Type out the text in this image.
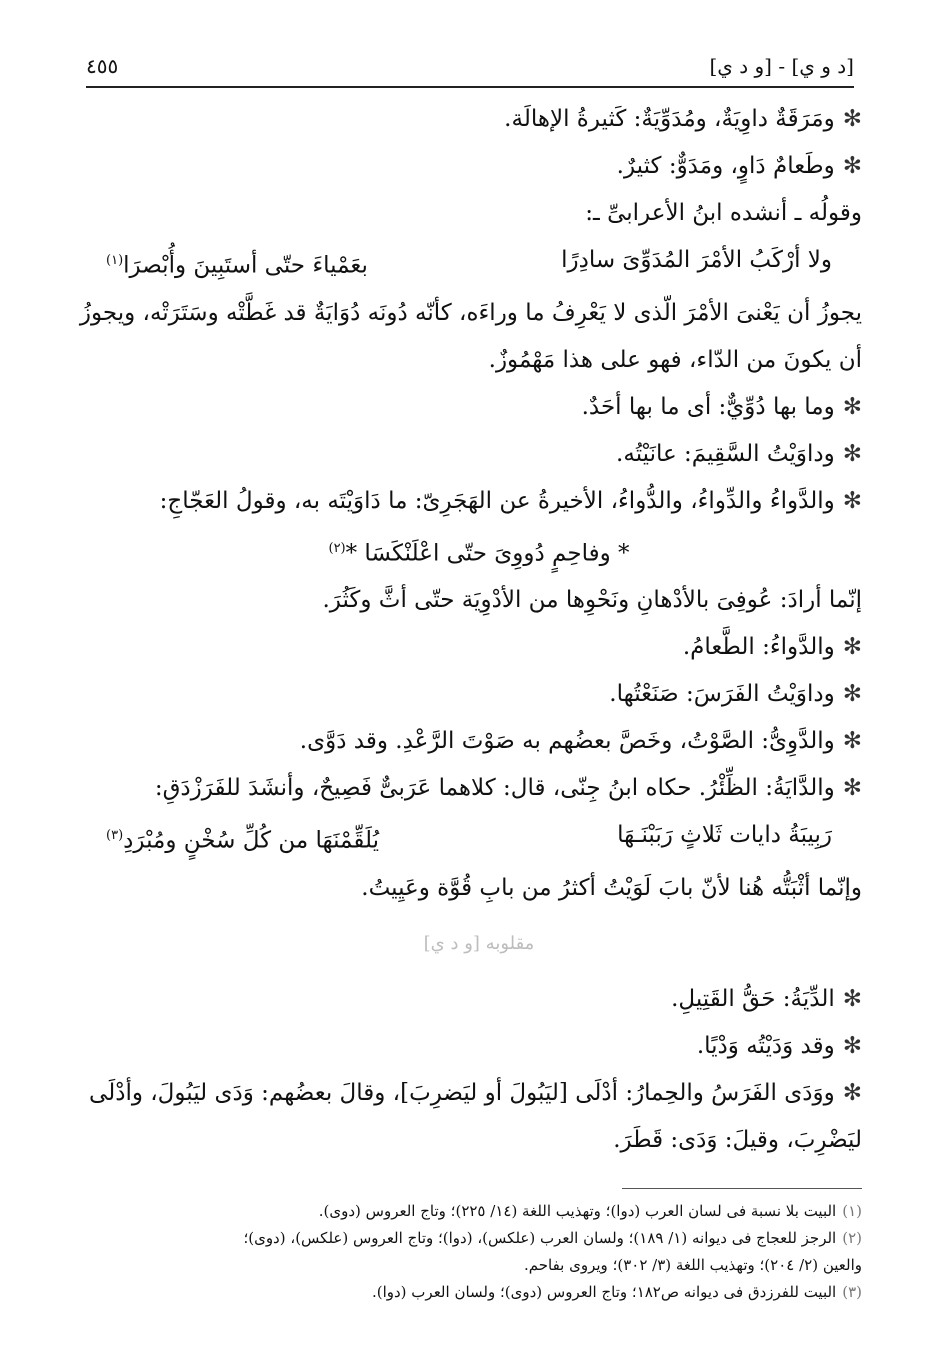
[د و ي] - [و د ي]
٤٥٥
✻ومَرَقَةٌ داوِيَةٌ، ومُدَوِّيَةٌ: كَثيرةُ الإهالَة.
✻وطَعامٌ دَاوٍ، ومَدَوٌّ: كثيرٌ.
وقولُه ـ أنشده ابنُ الأعرابىِّ ـ:
ولا أرْكَبُ الأمْرَ المُدَوِّىَ سادِرًا
بعَمْياءَ حتّى أستَبِينَ وأُبْصرَا$^{(١)}$
يجوزُ أن يَعْنىَ الأمْرَ الّذى لا يَعْرِفُ ما وراءَه، كأنّه دُونَه دُوَايَةٌ قد غَطَّتْه وسَتَرَتْه، ويجوزُ
أن يكونَ من الدّاء، فهو على هذا مَهْمُوزٌ.
✻وما بها دُوِّيٌّ: أى ما بها أحَدٌ.
✻وداوَيْتُ السَّقِيمَ: عانَيْتُه.
✻والدَّواءُ والدِّواءُ، والدُّواءُ، الأخيرةُ عن الهَجَرِىّ: ما دَاوَيْتَه به، وقولُ العَجّاجِ:
* وفاحِمٍ دُووِىَ حتّى اعْلَنْكَسَا *$^{(٢)}$
إنّما أرادَ: عُوفِىَ بالأدْهانِ ونَحْوِها من الأدْوِيَة حتّى أثَّ وكَثُرَ.
✻والدَّواءُ: الطَّعامُ.
✻وداوَيْتُ الفَرَسَ: صَنَعْتُها.
✻والدَّوِىُّ: الصَّوْتُ، وخَصَّ بعضُهم به صَوْتَ الرَّعْدِ. وقد دَوَّى.
✻والدَّايَةُ: الظِّئْرُ. حكاه ابنُ جِنّى، قال: كلاهما عَرَبىٌّ فَصِيحٌ، وأنشَدَ للفَرَزْدَقِ:
رَبِيبَةُ دايات ثَلاثٍ رَبَبْنَـهَا
يُلَقِّمْنَهَا من كُلِّ سُخْنٍ ومُبْرَدِ$^{(٣)}$
وإنّما أثْبَتُّه هُنا لأنّ بابَ لَوَيْتُ أكثرُ من بابِ قُوَّة وعَيِيتُ.
مقلوبه [و د ي]
✻الدِّيَةُ: حَقُّ القَتِيلِ.
✻وقد وَدَيْتُه وَدْيًا.
✻ووَدَى الفَرَسُ والحِمارُ: أدْلَى [ليَبُولَ أو ليَضرِبَ]، وقالَ بعضُهم: وَدَى ليَبُولَ، وأدْلَى
ليَضْرِبَ، وقيلَ: وَدَى: قَطَرَ.
(١)البيت بلا نسبة فى لسان العرب (دوا)؛ وتهذيب اللغة (١٤/ ٢٢٥)؛ وتاج العروس (دوى).
(٢)الرجز للعجاج فى ديوانه (١/ ١٨٩)؛ ولسان العرب (علكس)، (دوا)؛ وتاج العروس (علكس)، (دوى)؛
والعين (٢/ ٢٠٤)؛ وتهذيب اللغة (٣/ ٣٠٢)؛ ويروى بفاحم.
(٣)البيت للفرزدق فى ديوانه ص١٨٢؛ وتاج العروس (دوى)؛ ولسان العرب (دوا).
